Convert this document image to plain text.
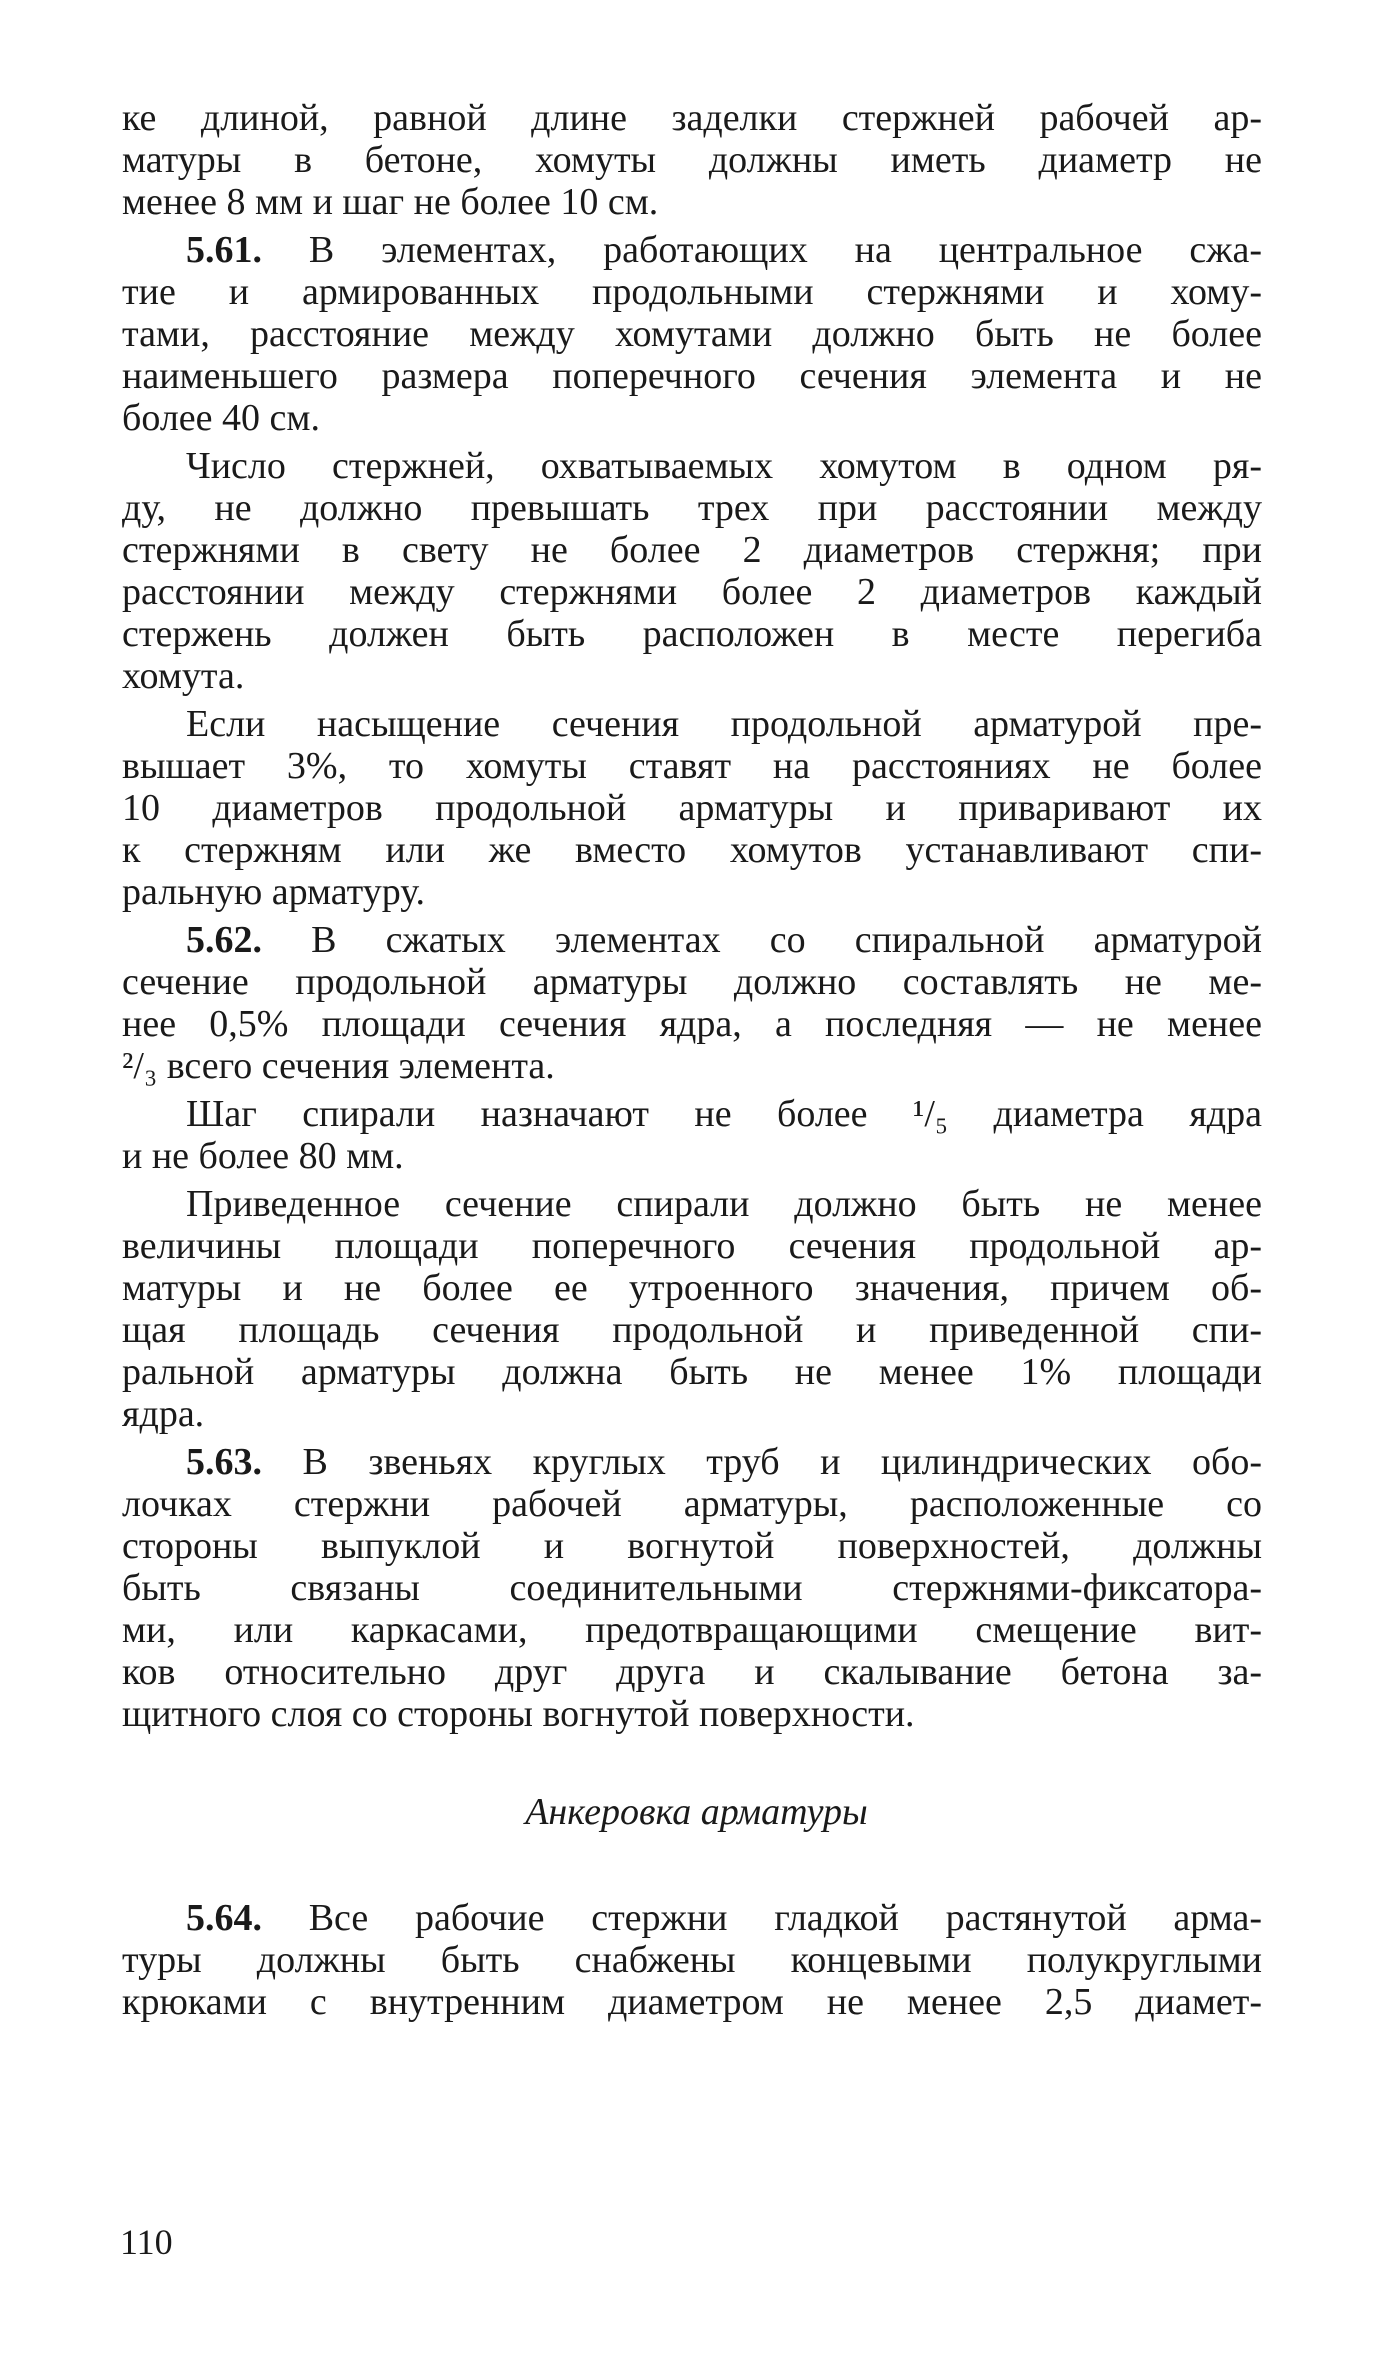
ке длиной, равной длине заделки стержней рабочей ар-
матуры в бетоне, хомуты должны иметь диаметр не
менее 8 мм и шаг не более 10 см.
5.61. В элементах, работающих на центральное сжа-
тие и армированных продольными стержнями и хому-
тами, расстояние между хомутами должно быть не более
наименьшего размера поперечного сечения элемента и не
более 40 см.
Число стержней, охватываемых хомутом в одном ря-
ду, не должно превышать трех при расстоянии между
стержнями в свету не более 2 диаметров стержня; при
расстоянии между стержнями более 2 диаметров каждый
стержень должен быть расположен в месте перегиба
хомута.
Если насыщение сечения продольной арматурой пре-
вышает 3%, то хомуты ставят на расстояниях не более
10 диаметров продольной арматуры и приваривают их
к стержням или же вместо хомутов устанавливают спи-
ральную арматуру.
5.62. В сжатых элементах со спиральной арматурой
сечение продольной арматуры должно составлять не ме-
нее 0,5% площади сечения ядра, а последняя — не менее
²/₃ всего сечения элемента.
Шаг спирали назначают не более ¹/₅ диаметра ядра
и не более 80 мм.
Приведенное сечение спирали должно быть не менее
величины площади поперечного сечения продольной ар-
матуры и не более ее утроенного значения, причем об-
щая площадь сечения продольной и приведенной спи-
ральной арматуры должна быть не менее 1% площади
ядра.
5.63. В звеньях круглых труб и цилиндрических обо-
лочках стержни рабочей арматуры, расположенные со
стороны выпуклой и вогнутой поверхностей, должны
быть связаны соединительными стержнями-фиксатора-
ми, или каркасами, предотвращающими смещение вит-
ков относительно друг друга и скалывание бетона за-
щитного слоя со стороны вогнутой поверхности.
Анкеровка арматуры
5.64. Все рабочие стержни гладкой растянутой арма-
туры должны быть снабжены концевыми полукруглыми
крюками с внутренним диаметром не менее 2,5 диамет-
110
